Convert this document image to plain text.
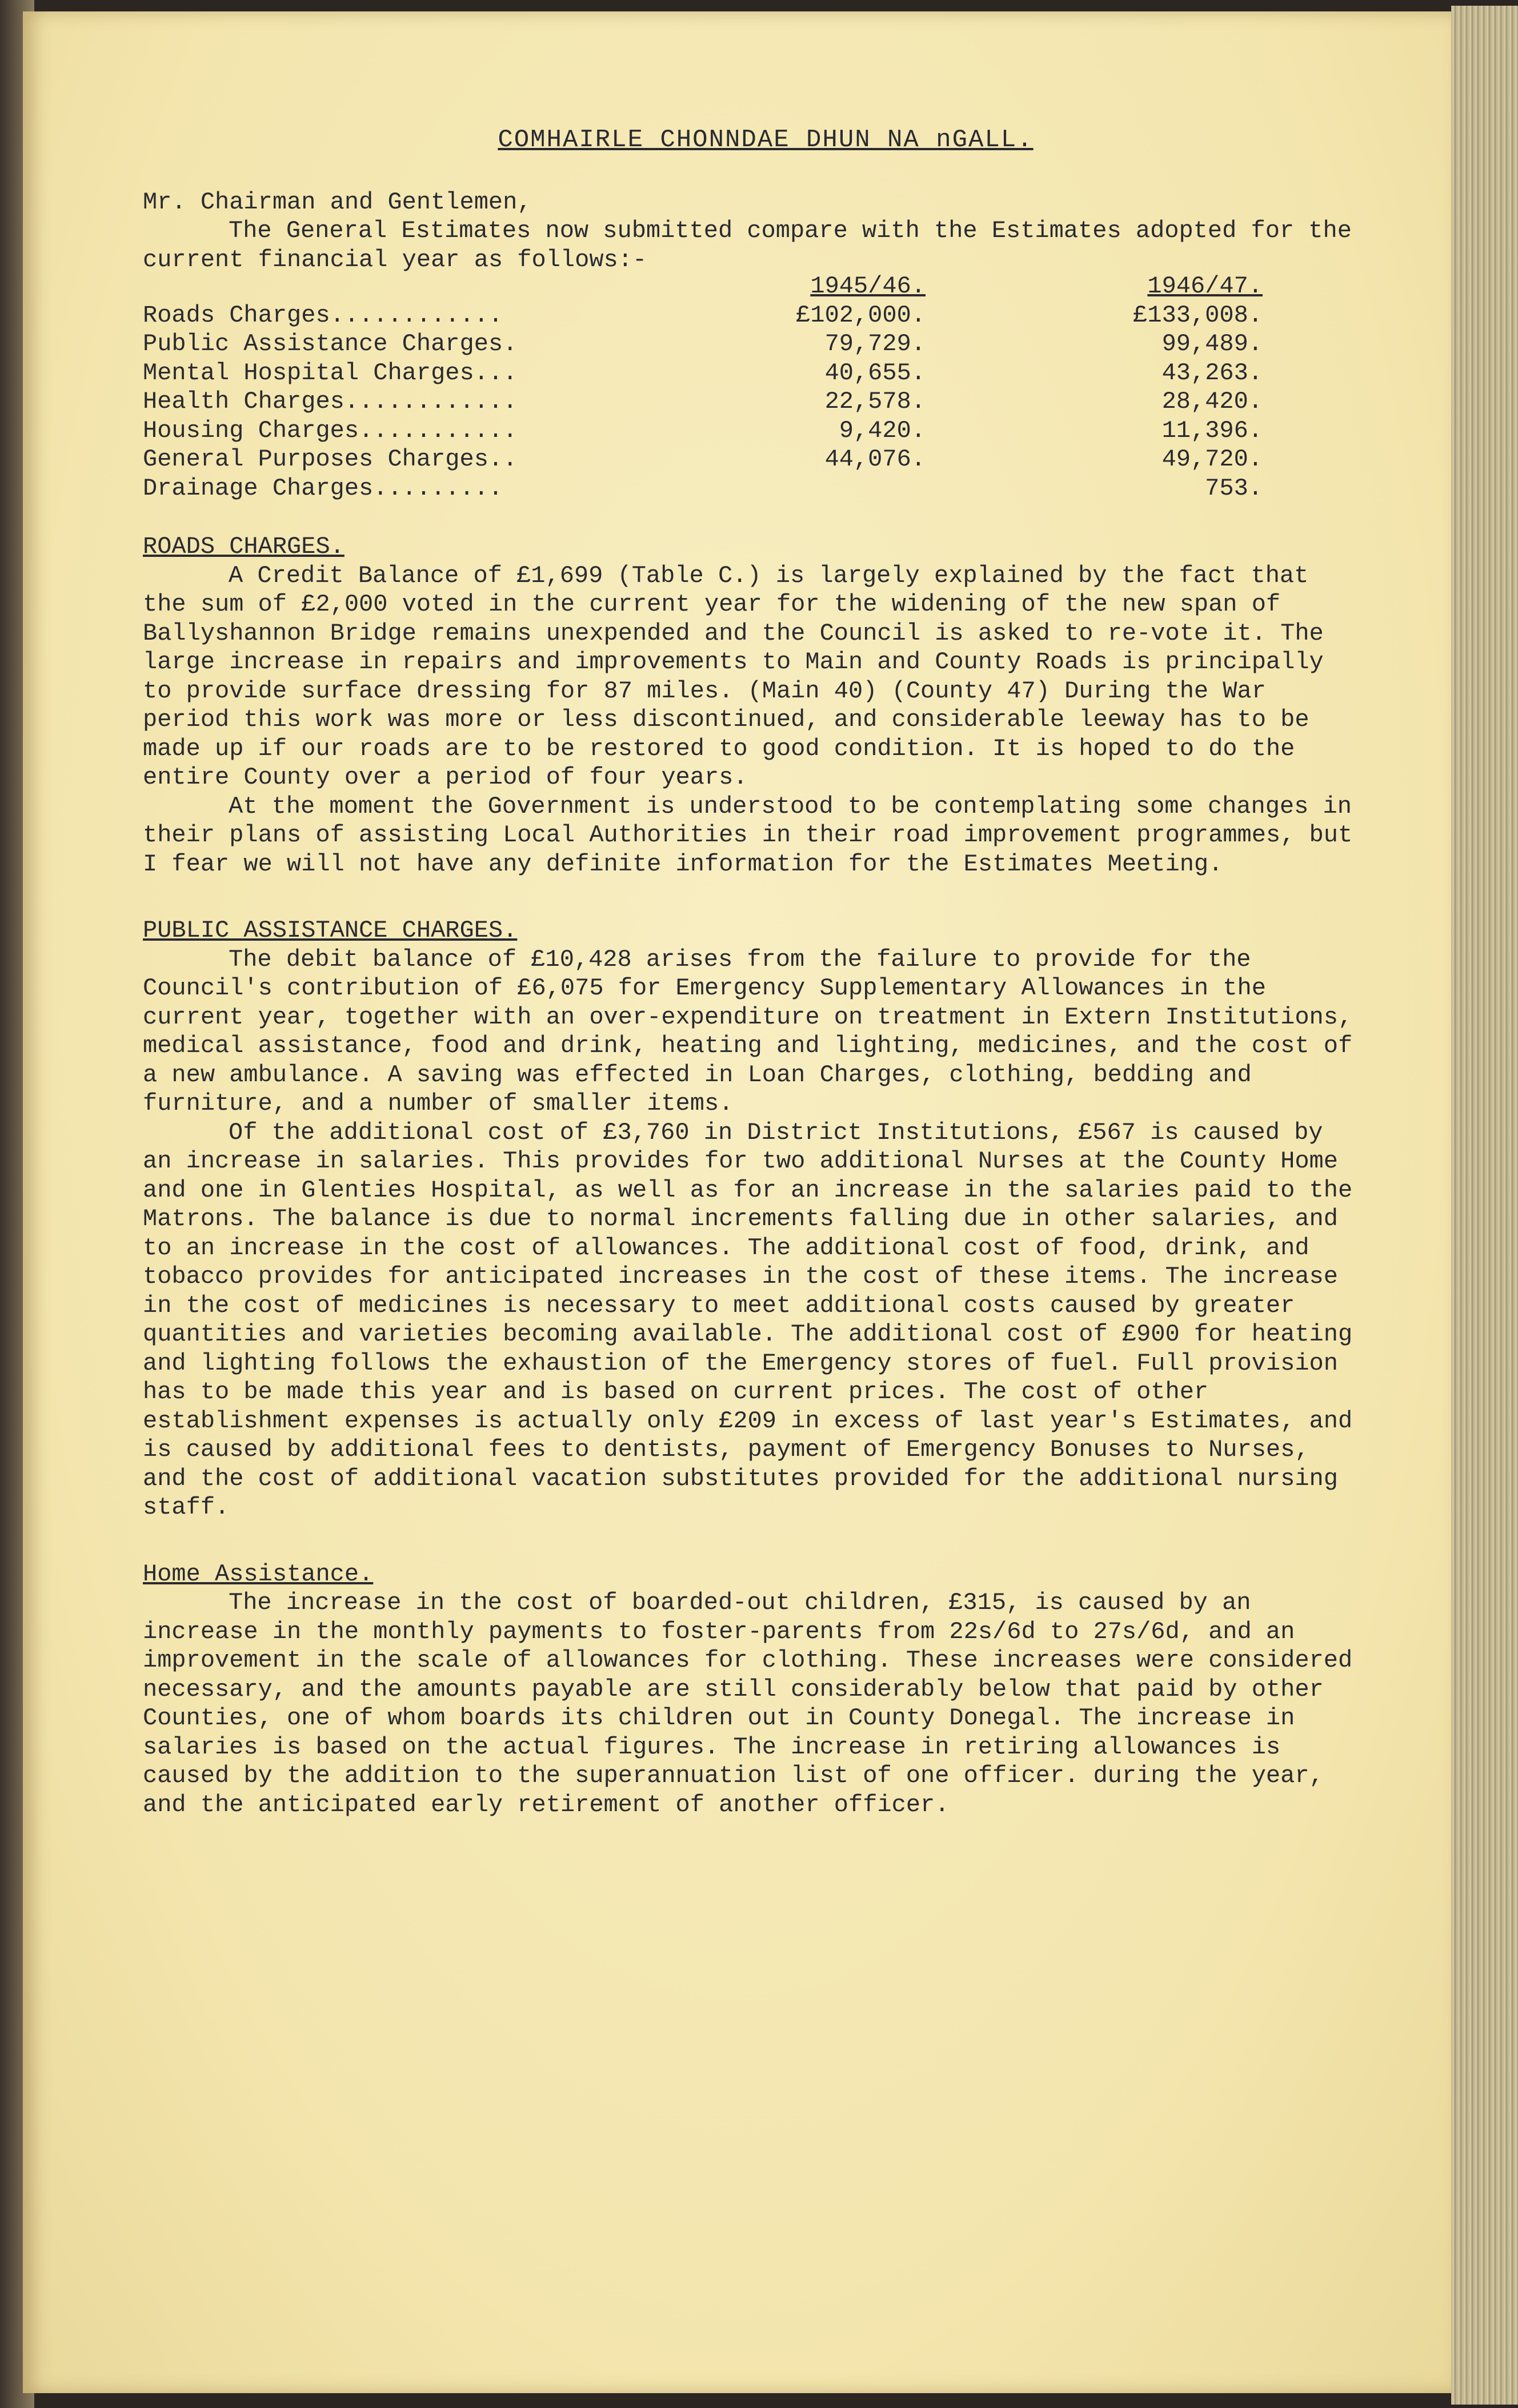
COMHAIRLE CHONNDAE DHUN NA nGALL.

Mr. Chairman and Gentlemen,

The General Estimates now submitted compare with the Estimates adopted for the current financial year as follows:-

	1945/46.	1946/47.
Roads Charges............	£102,000.	£133,008.
Public Assistance Charges.	79,729.	99,489.
Mental Hospital Charges...	40,655.	43,263.
Health Charges............	22,578.	28,420.
Housing Charges...........	9,420.	11,396.
General Purposes Charges..	44,076.	49,720.
Drainage Charges.........		753.

ROADS CHARGES.

A Credit Balance of £1,699 (Table C.) is largely explained by the fact that the sum of £2,000 voted in the current year for the widening of the new span of Ballyshannon Bridge remains unexpended and the Council is asked to re-vote it. The large increase in repairs and improvements to Main and County Roads is principally to provide surface dressing for 87 miles. (Main 40) (County 47) During the War period this work was more or less discontinued, and considerable leeway has to be made up if our roads are to be restored to good condition. It is hoped to do the entire County over a period of four years.

At the moment the Government is understood to be contemplating some changes in their plans of assisting Local Authorities in their road improvement programmes, but I fear we will not have any definite information for the Estimates Meeting.

PUBLIC ASSISTANCE CHARGES.

The debit balance of £10,428 arises from the failure to provide for the Council's contribution of £6,075 for Emergency Supplementary Allowances in the current year, together with an over-expenditure on treatment in Extern Institutions, medical assistance, food and drink, heating and lighting, medicines, and the cost of a new ambulance. A saving was effected in Loan Charges, clothing, bedding and furniture, and a number of smaller items.

Of the additional cost of £3,760 in District Institutions, £567 is caused by an increase in salaries. This provides for two additional Nurses at the County Home and one in Glenties Hospital, as well as for an increase in the salaries paid to the Matrons. The balance is due to normal increments falling due in other salaries, and to an increase in the cost of allowances. The additional cost of food, drink, and tobacco provides for anticipated increases in the cost of these items. The increase in the cost of medicines is necessary to meet additional costs caused by greater quantities and varieties becoming available. The additional cost of £900 for heating and lighting follows the exhaustion of the Emergency stores of fuel. Full provision has to be made this year and is based on current prices. The cost of other establishment expenses is actually only £209 in excess of last year's Estimates, and is caused by additional fees to dentists, payment of Emergency Bonuses to Nurses, and the cost of additional vacation substitutes provided for the additional nursing staff.

Home Assistance.

The increase in the cost of boarded-out children, £315, is caused by an increase in the monthly payments to foster-parents from 22s/6d to 27s/6d, and an improvement in the scale of allowances for clothing. These increases were considered necessary, and the amounts payable are still considerably below that paid by other Counties, one of whom boards its children out in County Donegal. The increase in salaries is based on the actual figures. The increase in retiring allowances is caused by the addition to the superannuation list of one officer. during the year, and the anticipated early retirement of another officer.
